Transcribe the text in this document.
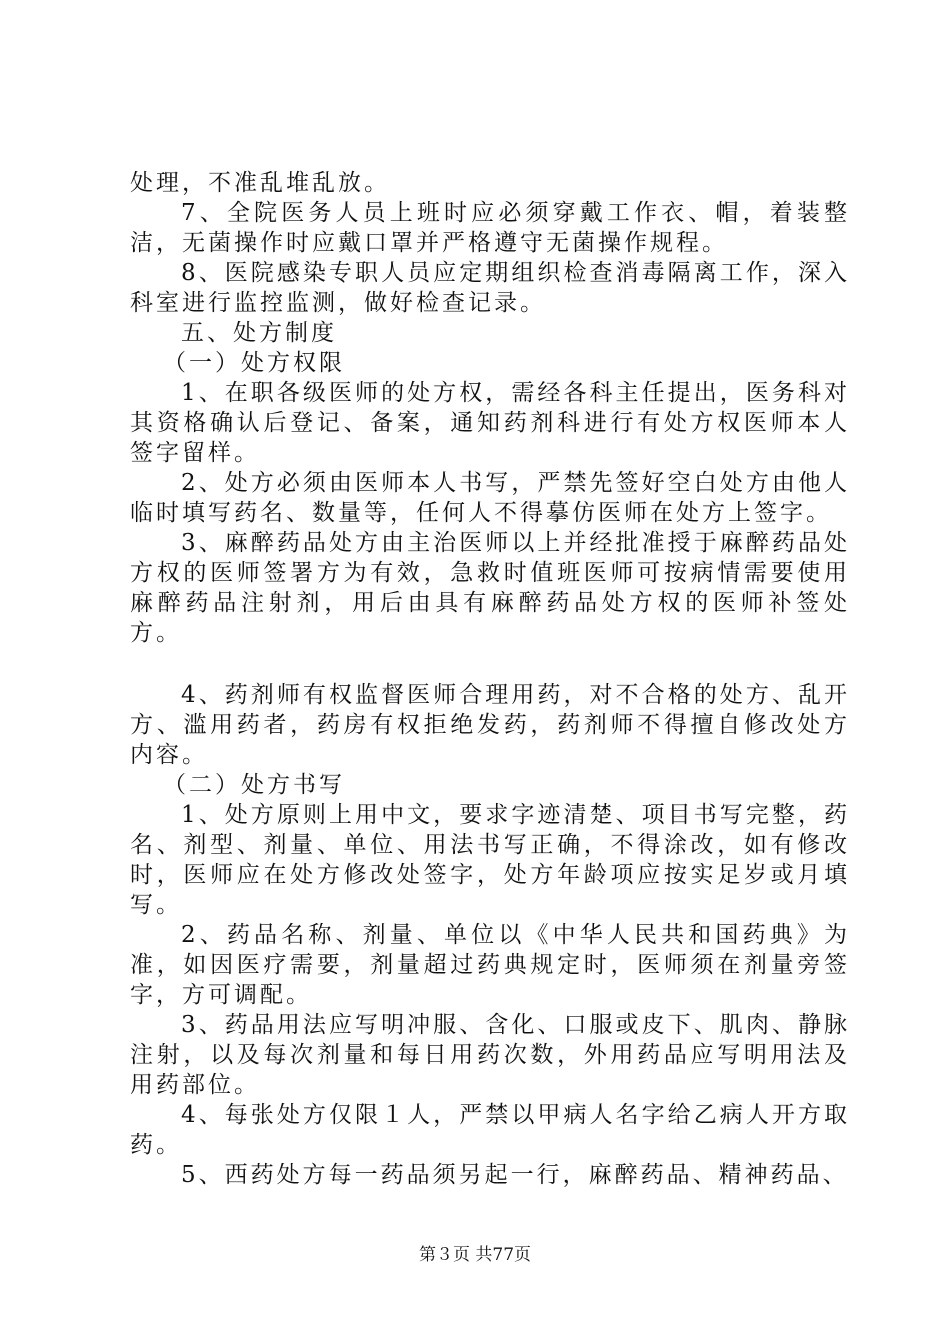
处理，不准乱堆乱放。

7、全院医务人员上班时应必须穿戴工作衣、帽，着装整洁，无菌操作时应戴口罩并严格遵守无菌操作规程。

8、医院感染专职人员应定期组织检查消毒隔离工作，深入科室进行监控监测，做好检查记录。

五、处方制度

（一）处方权限

1、在职各级医师的处方权，需经各科主任提出，医务科对其资格确认后登记、备案，通知药剂科进行有处方权医师本人签字留样。

2、处方必须由医师本人书写，严禁先签好空白处方由他人临时填写药名、数量等，任何人不得摹仿医师在处方上签字。

3、麻醉药品处方由主治医师以上并经批准授于麻醉药品处方权的医师签署方为有效，急救时值班医师可按病情需要使用麻醉药品注射剂，用后由具有麻醉药品处方权的医师补签处方。

4、药剂师有权监督医师合理用药，对不合格的处方、乱开方、滥用药者，药房有权拒绝发药，药剂师不得擅自修改处方内容。

（二）处方书写

1、处方原则上用中文，要求字迹清楚、项目书写完整，药名、剂型、剂量、单位、用法书写正确，不得涂改，如有修改时，医师应在处方修改处签字，处方年龄项应按实足岁或月填写。

2、药品名称、剂量、单位以《中华人民共和国药典》为准，如因医疗需要，剂量超过药典规定时，医师须在剂量旁签字，方可调配。

3、药品用法应写明冲服、含化、口服或皮下、肌肉、静脉注射，以及每次剂量和每日用药次数，外用药品应写明用法及用药部位。

4、每张处方仅限１人，严禁以甲病人名字给乙病人开方取药。

5、西药处方每一药品须另起一行，麻醉药品、精神药品、

第３页 共77页
